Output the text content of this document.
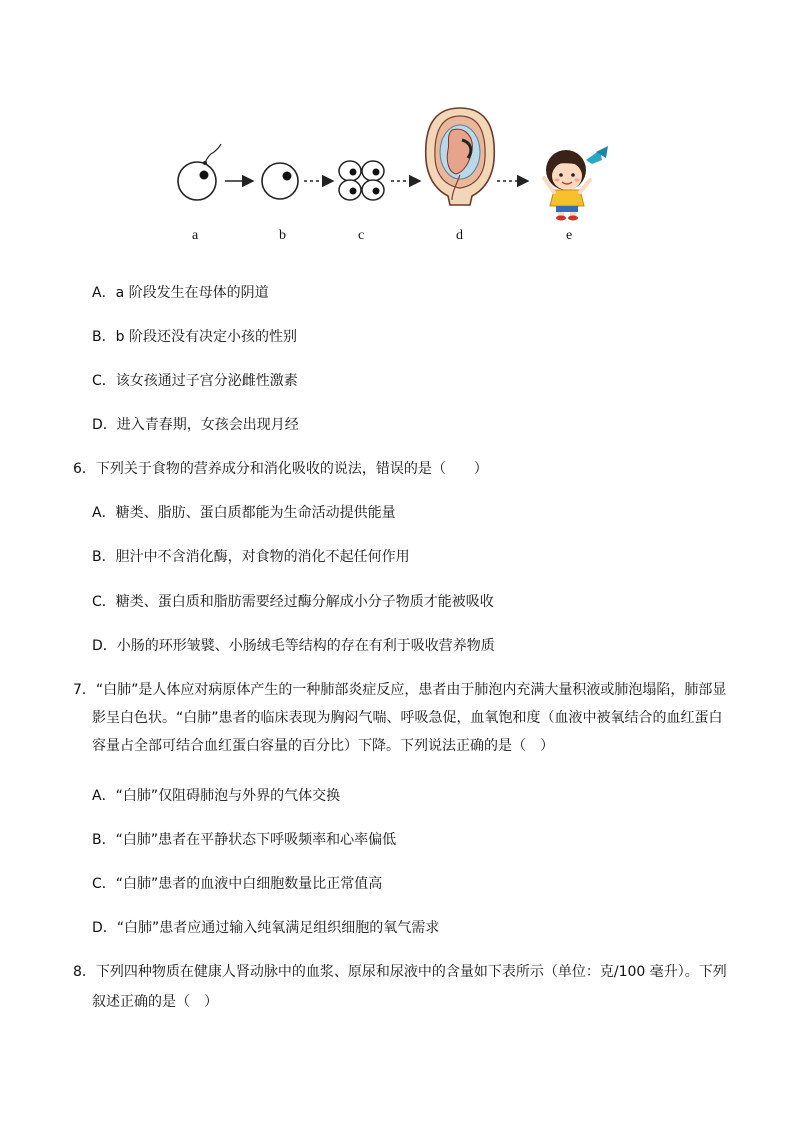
a	b	c	d	e
A．a 阶段发生在母体的阴道
B．b 阶段还没有决定小孩的性别
C．该女孩通过子宫分泌雌性激素
D．进入青春期，女孩会出现月经
6．下列关于食物的营养成分和消化吸收的说法，错误的是（　　）
A．糖类、脂肪、蛋白质都能为生命活动提供能量
B．胆汁中不含消化酶，对食物的消化不起任何作用
C．糖类、蛋白质和脂肪需要经过酶分解成小分子物质才能被吸收
D．小肠的环形皱襞、小肠绒毛等结构的存在有利于吸收营养物质
7．“白肺”是人体应对病原体产生的一种肺部炎症反应，患者由于肺泡内充满大量积液或肺泡塌陷，肺部显
影呈白色状。“白肺”患者的临床表现为胸闷气喘、呼吸急促，血氧饱和度（血液中被氧结合的血红蛋白
容量占全部可结合血红蛋白容量的百分比）下降。下列说法正确的是（　）
A．“白肺”仅阻碍肺泡与外界的气体交换
B．“白肺”患者在平静状态下呼吸频率和心率偏低
C．“白肺”患者的血液中白细胞数量比正常值高
D．“白肺”患者应通过输入纯氧满足组织细胞的氧气需求
8．下列四种物质在健康人肾动脉中的血浆、原尿和尿液中的含量如下表所示（单位：克/100 毫升）。下列
叙述正确的是（　）
